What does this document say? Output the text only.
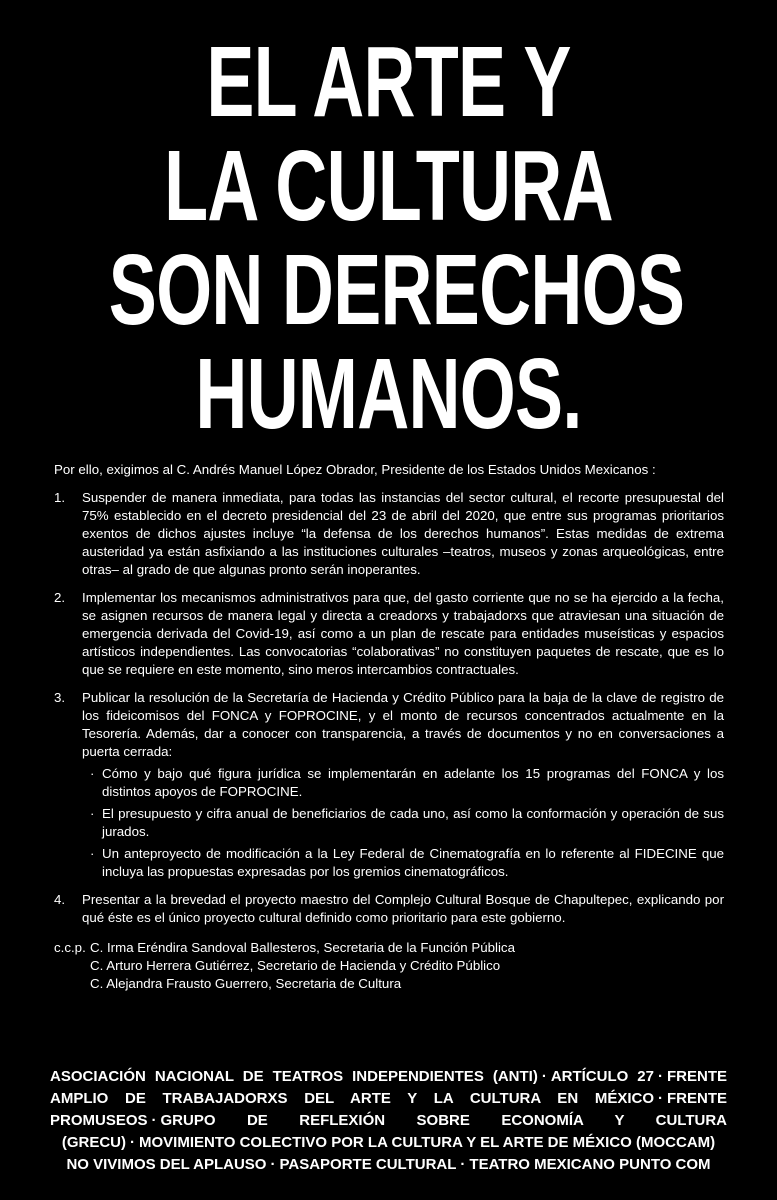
EL ARTE Y
LA CULTURA
SON DERECHOS
HUMANOS.

Por ello, exigimos al C. Andrés Manuel López Obrador, Presidente de los Estados Unidos Mexicanos :

1. Suspender de manera inmediata, para todas las instancias del sector cultural, el recorte presupuestal del 75% establecido en el decreto presidencial del 23 de abril del 2020, que entre sus programas prioritarios exentos de dichos ajustes incluye “la defensa de los derechos humanos”. Estas medidas de extrema austeridad ya están asfixiando a las instituciones culturales –teatros, museos y zonas arqueológicas, entre otras– al grado de que algunas pronto serán inoperantes.
2. Implementar los mecanismos administrativos para que, del gasto corriente que no se ha ejercido a la fecha, se asignen recursos de manera legal y directa a creadorxs y trabajadorxs que atraviesan una situación de emergencia derivada del Covid-19, así como a un plan de rescate para entidades museísticas y espacios artísticos independientes. Las convocatorias “colaborativas” no constituyen paquetes de rescate, que es lo que se requiere en este momento, sino meros intercambios contractuales.
3. Publicar la resolución de la Secretaría de Hacienda y Crédito Público para la baja de la clave de registro de los fideicomisos del FONCA y FOPROCINE, y el monto de recursos concentrados actualmente en la Tesorería. Además, dar a conocer con transparencia, a través de documentos y no en conversaciones a puerta cerrada:
· Cómo y bajo qué figura jurídica se implementarán en adelante los 15 programas del FONCA y los distintos apoyos de FOPROCINE.
· El presupuesto y cifra anual de beneficiarios de cada uno, así como la conformación y operación de sus jurados.
· Un anteproyecto de modificación a la Ley Federal de Cinematografía en lo referente al FIDECINE que incluya las propuestas expresadas por los gremios cinematográficos.
4. Presentar a la brevedad el proyecto maestro del Complejo Cultural Bosque de Chapultepec, explicando por qué éste es el único proyecto cultural definido como prioritario para este gobierno.
c.c.p. C. Irma Eréndira Sandoval Ballesteros, Secretaria de la Función Pública
C. Arturo Herrera Gutiérrez, Secretario de Hacienda y Crédito Público
C. Alejandra Frausto Guerrero, Secretaria de Cultura
ASOCIACIÓN NACIONAL DE TEATROS INDEPENDIENTES (ANTI) · ARTÍCULO 27 · FRENTE AMPLIO DE TRABAJADORXS DEL ARTE Y LA CULTURA EN MÉXICO · FRENTE PROMUSEOS · GRUPO DE REFLEXIÓN SOBRE ECONOMÍA Y CULTURA (GRECU) · MOVIMIENTO COLECTIVO POR LA CULTURA Y EL ARTE DE MÉXICO (MOCCAM)
NO VIVIMOS DEL APLAUSO · PASAPORTE CULTURAL · TEATRO MEXICANO PUNTO COM
